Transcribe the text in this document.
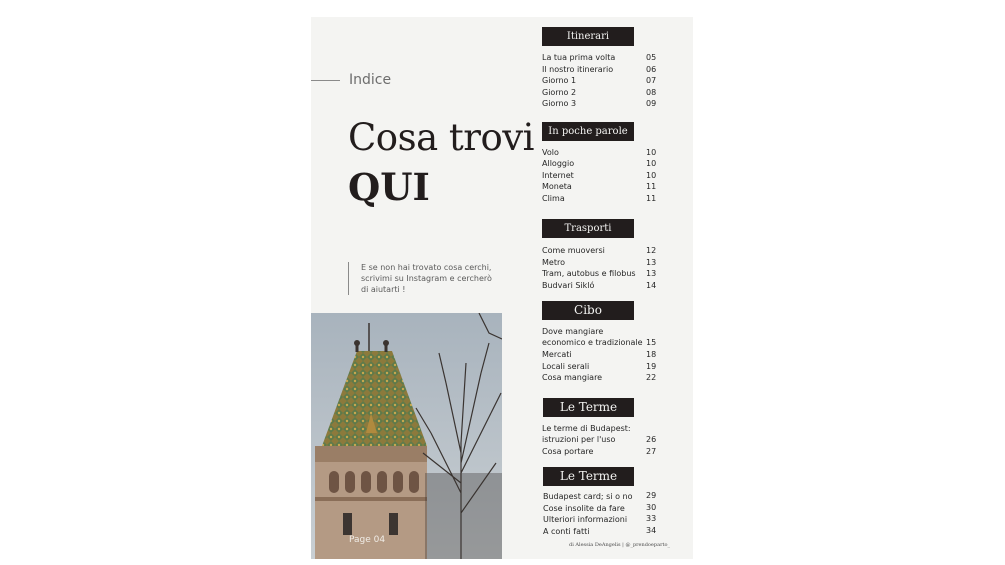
Indice
Cosa trovi
QUI
E se non hai trovato cosa cerchi, scrivimi su Instagram e cercherò di aiutarti !
Page 04
Itinerari
In poche parole
Trasporti
Cibo
Le Terme
Le Terme
La tua prima volta	05
Il nostro itinerario	06
Giorno 1	07
Giorno 2	08
Giorno 3	09
Volo	10
Alloggio	10
Internet	10
Moneta	11
Clima	11
Come muoversi	12
Metro	13
Tram, autobus e filobus	13
Budvari Sikló	14
Dove mangiare
economico e tradizionale 15
Mercati	18
Locali serali	19
Cosa mangiare	22
Le terme di Budapest:
istruzioni per l'uso	26
Cosa portare	27
Budapest card; si o no	29
Cose insolite da fare	30
Ulteriori informazioni	33
A conti fatti	34
di Alessia DeAngelis | @_prendoeparto_
